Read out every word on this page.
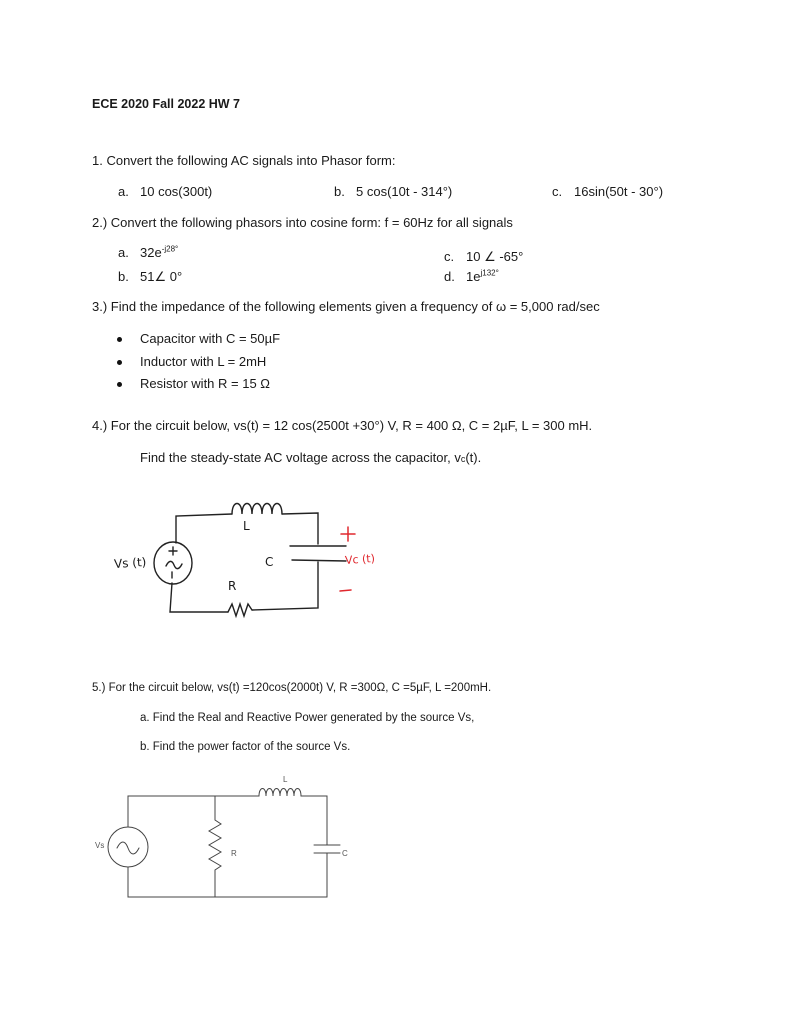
ECE 2020 Fall 2022 HW 7
1. Convert the following AC signals into Phasor form:
a. 10 cos(300t)	b. 5 cos(10t - 314°)	c. 16sin(50t - 30°)
2.) Convert the following phasors into cosine form: f = 60Hz for all signals
a. $32e^{-j28^\circ}$
b. 51∠ 0°
c. 10 ∠ -65°
d. $1e^{j132^\circ}$
3.) Find the impedance of the following elements given a frequency of ω = 5,000 rad/sec
Capacitor with C = 50µF
Inductor with L = 2mH
Resistor with R = 15 Ω
4.) For the circuit below, vs(t) = 12 cos(2500t +30°) V, R = 400 Ω, C = 2µF, L = 300 mH.
Find the steady-state AC voltage across the capacitor, vc(t).
Vs (t)
L
C
R
Vc (t)
5.) For the circuit below, vs(t) =120cos(2000t) V, R =300Ω, C =5µF, L =200mH.
a. Find the Real and Reactive Power generated by the source Vs,
b. Find the power factor of the source Vs.
Vs
L
R	C
